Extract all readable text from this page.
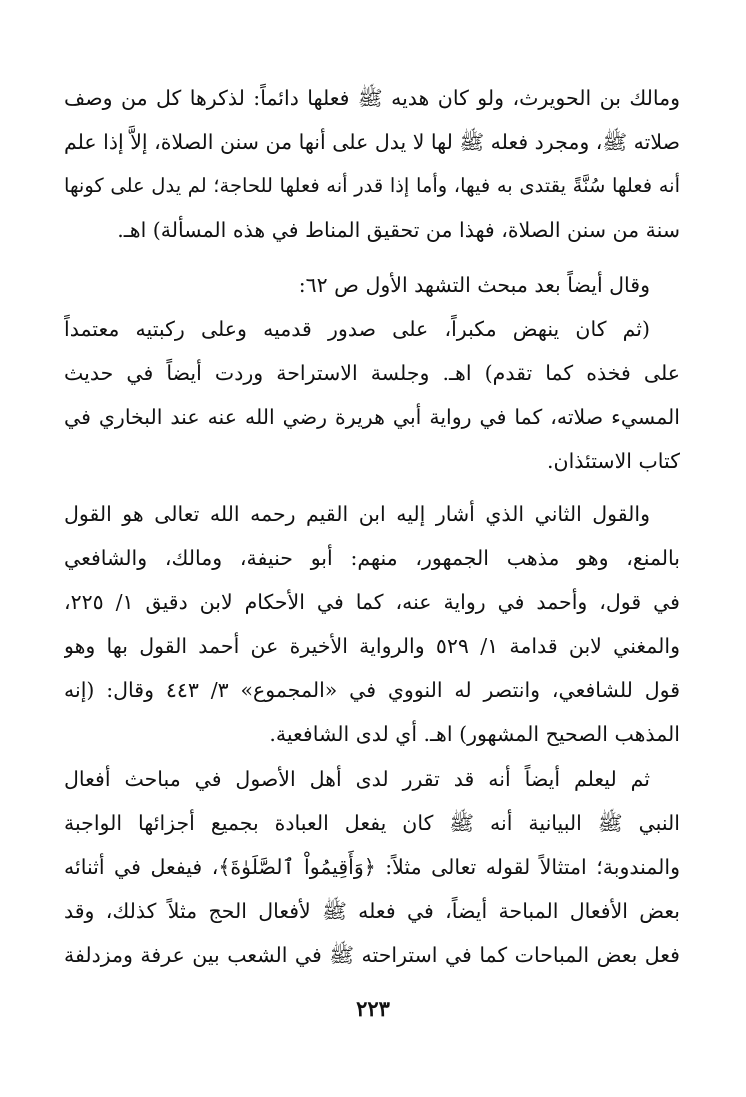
ومالك بن الحويرث، ولو كان هديه ﷺ فعلها دائماً: لذكرها كل من وصف
صلاته ﷺ، ومجرد فعله ﷺ لها لا يدل على أنها من سنن الصلاة، إلاَّ إذا علم
أنه فعلها سُنَّةً يقتدى به فيها، وأما إذا قدر أنه فعلها للحاجة؛ لم يدل على كونها
سنة من سنن الصلاة، فهذا من تحقيق المناط في هذه المسألة) اهـ.
وقال أيضاً بعد مبحث التشهد الأول ص ٦٢:
(ثم كان ينهض مكبراً، على صدور قدميه وعلى ركبتيه معتمداً
على فخذه كما تقدم) اهـ. وجلسة الاستراحة وردت أيضاً في حديث
المسيء صلاته، كما في رواية أبي هريرة رضي الله عنه عند البخاري في
كتاب الاستئذان.
والقول الثاني الذي أشار إليه ابن القيم رحمه الله تعالى هو القول
بالمنع، وهو مذهب الجمهور، منهم: أبو حنيفة، ومالك، والشافعي
في قول، وأحمد في رواية عنه، كما في الأحكام لابن دقيق ١/ ٢٢٥،
والمغني لابن قدامة ١/ ٥٢٩ والرواية الأخيرة عن أحمد القول بها وهو
قول للشافعي، وانتصر له النووي في «المجموع» ٣/ ٤٤٣ وقال: (إنه
المذهب الصحيح المشهور) اهـ. أي لدى الشافعية.
ثم ليعلم أيضاً أنه قد تقرر لدى أهل الأصول في مباحث أفعال
النبي ﷺ البيانية أنه ﷺ كان يفعل العبادة بجميع أجزائها الواجبة
والمندوبة؛ امتثالاً لقوله تعالى مثلاً: ﴿وَأَقِيمُواْ ٱلصَّلَوٰةَ﴾، فيفعل في أثنائه
بعض الأفعال المباحة أيضاً، في فعله ﷺ لأفعال الحج مثلاً كذلك، وقد
فعل بعض المباحات كما في استراحته ﷺ في الشعب بين عرفة ومزدلفة
٢٢٣
